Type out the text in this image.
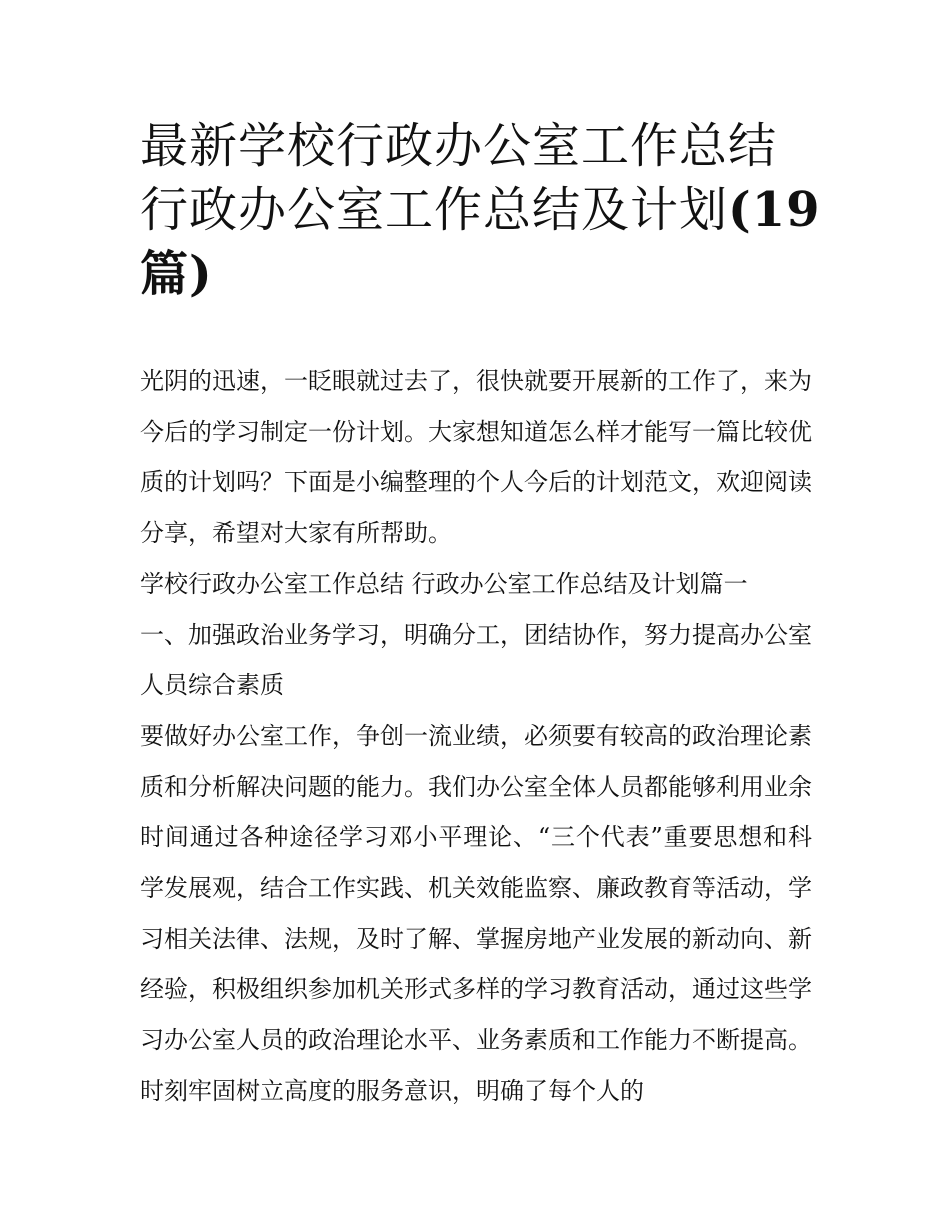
最新学校行政办公室工作总结
行政办公室工作总结及计划(19
篇)

光阴的迅速，一眨眼就过去了，很快就要开展新的工作了，来为今后的学习制定一份计划。大家想知道怎么样才能写一篇比较优质的计划吗？下面是小编整理的个人今后的计划范文，欢迎阅读分享，希望对大家有所帮助。

学校行政办公室工作总结 行政办公室工作总结及计划篇一

一、加强政治业务学习，明确分工，团结协作，努力提高办公室人员综合素质

要做好办公室工作，争创一流业绩，必须要有较高的政治理论素质和分析解决问题的能力。我们办公室全体人员都能够利用业余时间通过各种途径学习邓小平理论、“三个代表”重要思想和科学发展观，结合工作实践、机关效能监察、廉政教育等活动，学习相关法律、法规，及时了解、掌握房地产业发展的新动向、新经验，积极组织参加机关形式多样的学习教育活动，通过这些学习办公室人员的政治理论水平、业务素质和工作能力不断提高。时刻牢固树立高度的服务意识，明确了每个人的
